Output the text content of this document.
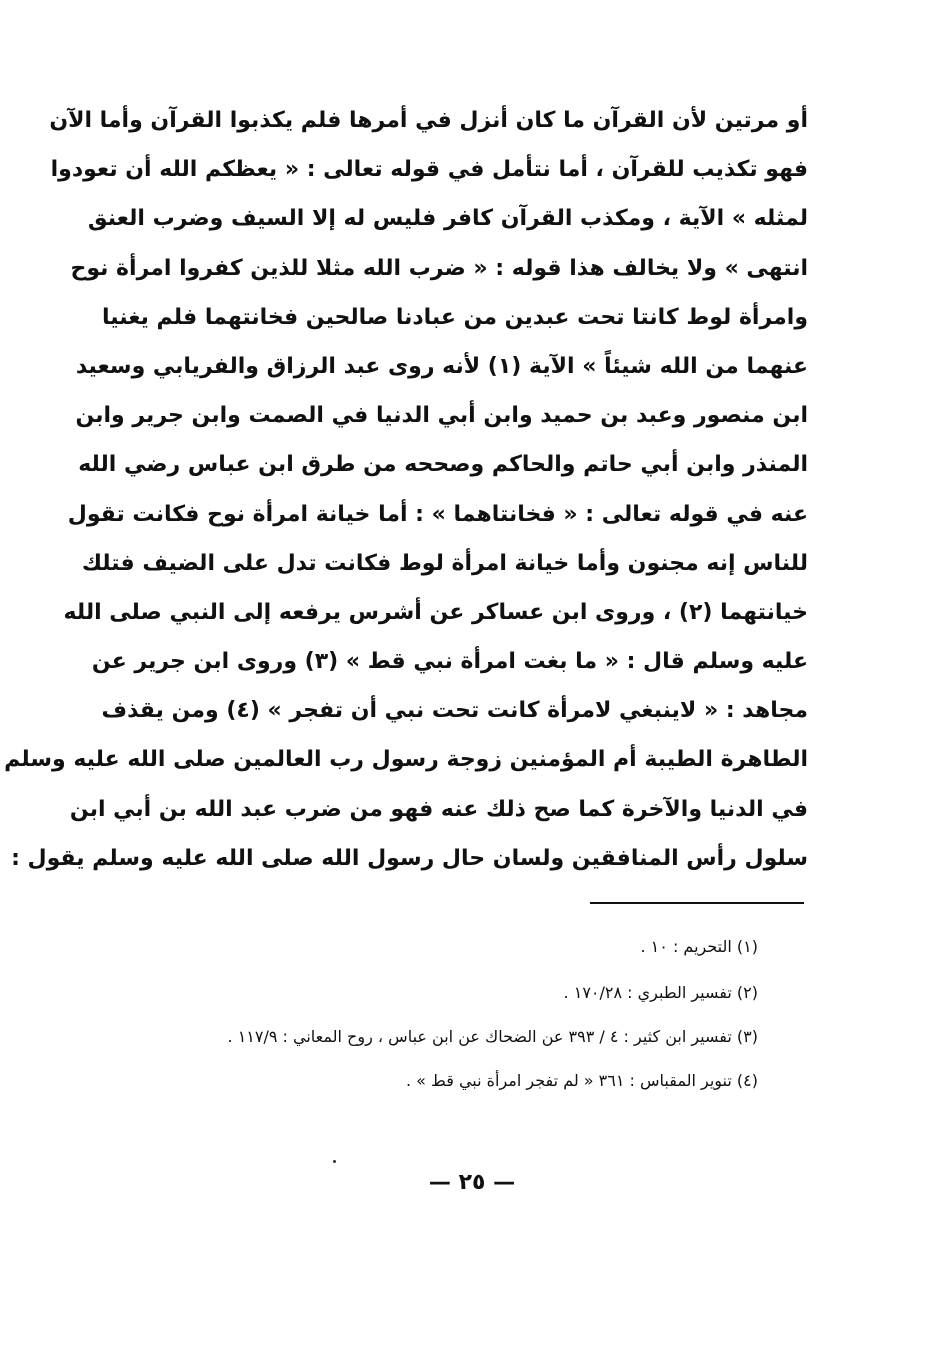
أو مرتين لأن القرآن ما كان أنزل في أمرها فلم يكذبوا القرآن وأما الآن
فهو تكذيب للقرآن ، أما نتأمل في قوله تعالى : « يعظكم الله أن تعودوا
لمثله » الآية ، ومكذب القرآن كافر فليس له إلا السيف وضرب العنق
انتهى » ولا يخالف هذا قوله : « ضرب الله مثلا للذين كفروا امرأة نوح
وامرأة لوط كانتا تحت عبدين من عبادنا صالحين فخانتهما فلم يغنيا
عنهما من الله شيئاً » الآية (١) لأنه روى عبد الرزاق والفريابي وسعيد
ابن منصور وعبد بن حميد وابن أبي الدنيا في الصمت وابن جرير وابن
المنذر وابن أبي حاتم والحاكم وصححه من طرق ابن عباس رضي الله
عنه في قوله تعالى : « فخانتاهما » : أما خيانة امرأة نوح فكانت تقول
للناس إنه مجنون وأما خيانة امرأة لوط فكانت تدل على الضيف فتلك
خيانتهما (٢) ، وروى ابن عساكر عن أشرس يرفعه إلى النبي صلى الله
عليه وسلم قال : « ما بغت امرأة نبي قط » (٣) وروى ابن جرير عن
مجاهد : « لاينبغي لامرأة كانت تحت نبي أن تفجر » (٤) ومن يقذف
الطاهرة الطيبة أم المؤمنين زوجة رسول رب العالمين صلى الله عليه وسلم
في الدنيا والآخرة كما صح ذلك عنه فهو من ضرب عبد الله بن أبي ابن
سلول رأس المنافقين ولسان حال رسول الله صلى الله عليه وسلم يقول :
(١) التحريم : ١٠ .
(٢) تفسير الطبري : ١٧٠/٢٨ .
(٣) تفسير ابن كثير : ٤ / ٣٩٣ عن الضحاك عن ابن عباس ، روح المعاني : ١١٧/٩ .
(٤) تنوير المقباس : ٣٦١ « لم تفجر امرأة نبي قط » .
— ٢٥ —
